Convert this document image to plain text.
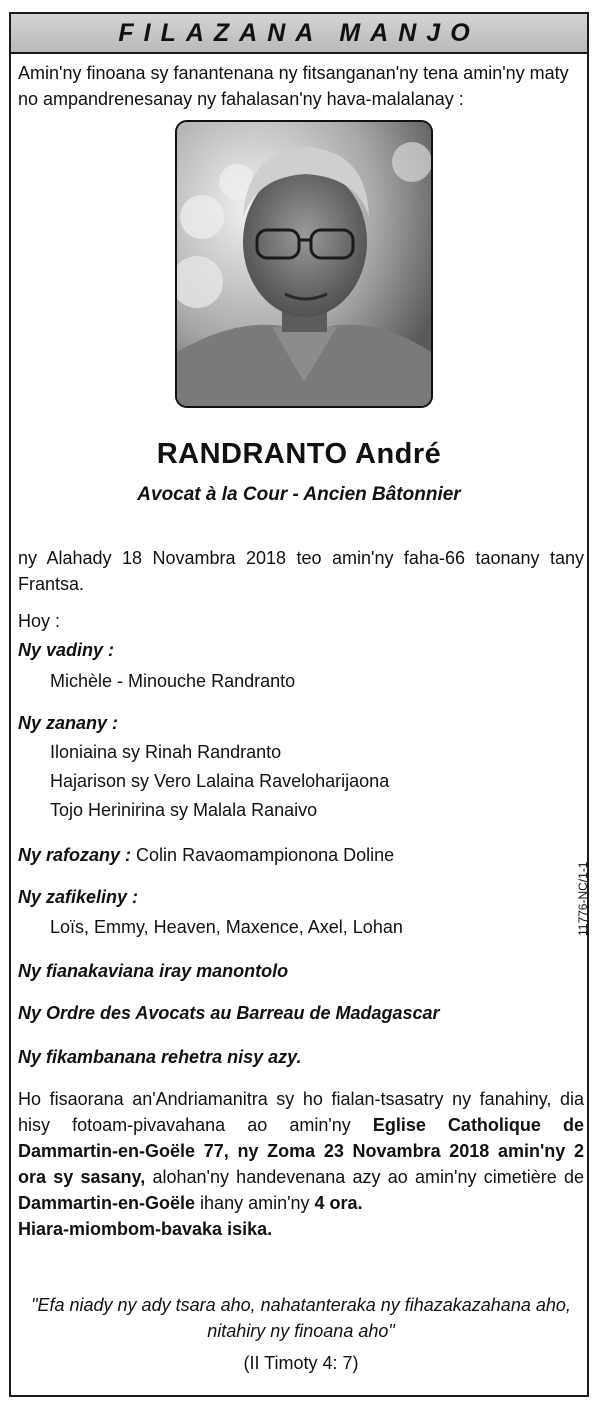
FILAZANA MANJO
Amin'ny finoana sy fanantenana ny fitsanganan'ny tena amin'ny maty no ampandrenesanay ny fahalasan'ny hava-malalanay :
RANDRANTO André
Avocat à la Cour - Ancien Bâtonnier
ny Alahady 18 Novambra 2018 teo amin'ny faha-66 taonany tany Frantsa.
Hoy :
Ny vadiny :
Michèle - Minouche Randranto
Ny zanany :
Iloniaina sy Rinah Randranto
Hajarison sy Vero Lalaina Raveloharijaona
Tojo Herinirina sy Malala Ranaivo
Ny rafozany : Colin Ravaomampionona Doline
Ny zafikeliny :
Loïs, Emmy, Heaven, Maxence, Axel, Lohan
Ny fianakaviana iray manontolo
Ny Ordre des Avocats au Barreau de Madagascar
Ny fikambanana rehetra nisy azy.
Ho fisaorana an'Andriamanitra sy ho fialan-tsasatry ny fanahiny, dia hisy fotoam-pivavahana ao amin'ny Eglise Catholique de Dammartin-en-Goële 77, ny Zoma 23 Novambra 2018 amin'ny 2 ora sy sasany, alohan'ny handevenana azy ao amin'ny cimetière de Dammartin-en-Goële ihany amin'ny 4 ora.
Hiara-miombom-bavaka isika.
"Efa niady ny ady tsara aho, nahatanteraka ny fihazakazahana aho, nitahiry ny finoana aho"
(II Timoty 4: 7)
11776-NC/1-1
